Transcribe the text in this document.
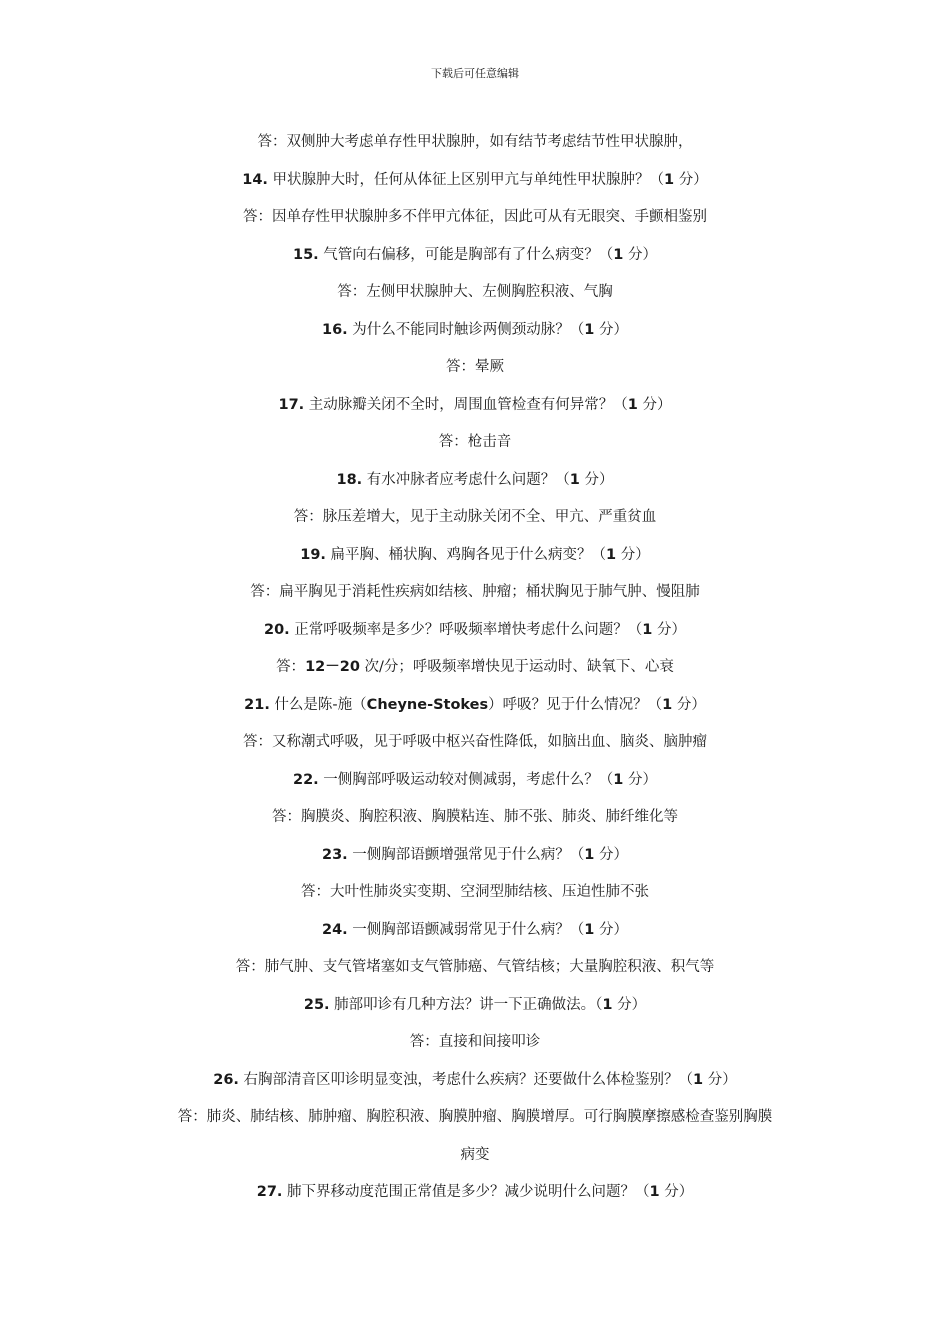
下载后可任意编辑
答：双侧肿大考虑单存性甲状腺肿，如有结节考虑结节性甲状腺肿，
14. 甲状腺肿大时，任何从体征上区别甲亢与单纯性甲状腺肿？（1 分）
答：因单存性甲状腺肿多不伴甲亢体征，因此可从有无眼突、手颤相鉴别
15. 气管向右偏移，可能是胸部有了什么病变？（1 分）
答：左侧甲状腺肿大、左侧胸腔积液、气胸
16. 为什么不能同时触诊两侧颈动脉？（1 分）
答：晕厥
17. 主动脉瓣关闭不全时，周围血管检查有何异常？（1 分）
答：枪击音
18. 有水冲脉者应考虑什么问题？（1 分）
答：脉压差增大，见于主动脉关闭不全、甲亢、严重贫血
19. 扁平胸、桶状胸、鸡胸各见于什么病变？（1 分）
答：扁平胸见于消耗性疾病如结核、肿瘤；桶状胸见于肺气肿、慢阻肺
20. 正常呼吸频率是多少？呼吸频率增快考虑什么问题？（1 分）
答：12－20 次/分；呼吸频率增快见于运动时、缺氧下、心衰
21. 什么是陈-施（Cheyne-Stokes）呼吸？见于什么情况？（1 分）
答：又称潮式呼吸，见于呼吸中枢兴奋性降低，如脑出血、脑炎、脑肿瘤
22. 一侧胸部呼吸运动较对侧减弱，考虑什么？（1 分）
答：胸膜炎、胸腔积液、胸膜粘连、肺不张、肺炎、肺纤维化等
23. 一侧胸部语颤增强常见于什么病？（1 分）
答：大叶性肺炎实变期、空洞型肺结核、压迫性肺不张
24. 一侧胸部语颤减弱常见于什么病？（1 分）
答：肺气肿、支气管堵塞如支气管肺癌、气管结核；大量胸腔积液、积气等
25. 肺部叩诊有几种方法？讲一下正确做法。（1 分）
答：直接和间接叩诊
26. 右胸部清音区叩诊明显变浊，考虑什么疾病？还要做什么体检鉴别？（1 分）
答：肺炎、肺结核、肺肿瘤、胸腔积液、胸膜肿瘤、胸膜增厚。可行胸膜摩擦感检查鉴别胸膜
病变
27. 肺下界移动度范围正常值是多少？减少说明什么问题？（1 分）
